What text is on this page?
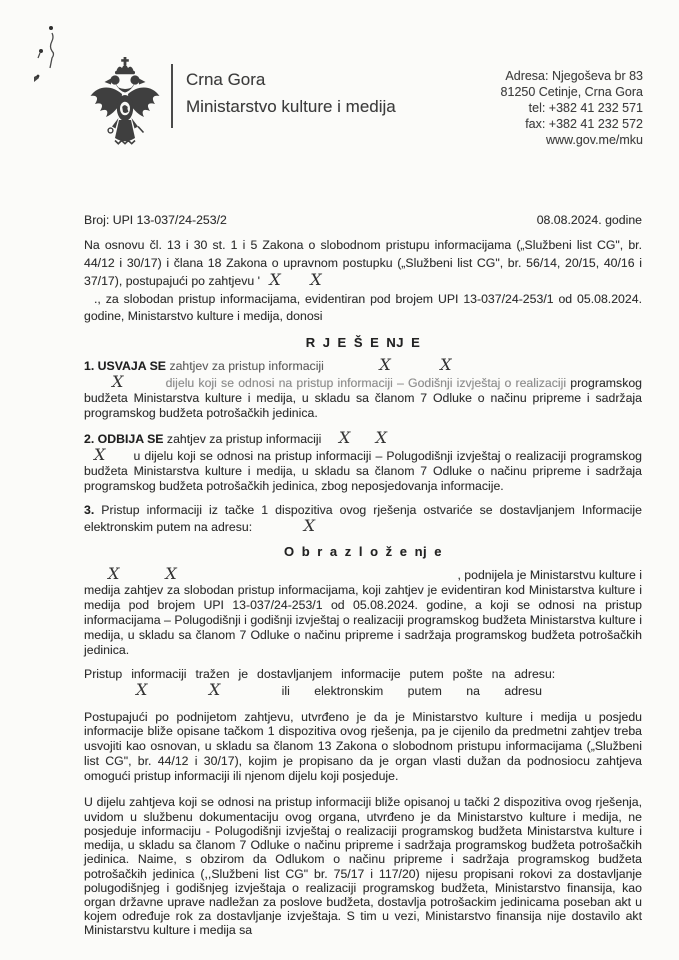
Crna Gora
Ministarstvo kulture i medija
Adresa: Njegoševa br 83
81250 Cetinje, Crna Gora
tel: +382 41 232 571
fax: +382 41 232 572
www.gov.me/mku
Broj: UPI 13-037/24-253/2	08.08.2024. godine

Na osnovu čl. 13 i 30 st. 1 i 5 Zakona o slobodnom pristupu informacijama („Službeni list CG", br. 44/12 i 30/17) i člana 18 Zakona o upravnom postupku („Službeni list CG", br. 56/14, 20/15, 40/16 i 37/17), postupajući po zahtjevu ' X X

., za slobodan pristup informacijama, evidentiran pod brojem UPI 13-037/24-253/1 od 05.08.2024. godine, Ministarstvo kulture i medija, donosi

R J E Š E NJ E

1. USVAJA SE zahtjev za pristup informaciji	X	X
X	dijelu koji se odnosi na pristup informaciji – Godišnji izvještaj o realizaciji programskog budžeta Ministarstva kulture i medija, u skladu sa članom 7 Odluke o načinu pripreme i sadržaja programskog budžeta potrošačkih jedinica.

2. ODBIJA SE zahtjev za pristup informaciji X X
X u dijelu koji se odnosi na pristup informaciji – Polugodišnji izvještaj o realizaciji programskog budžeta Ministarstva kulture i medija, u skladu sa članom 7 Odluke o načinu pripreme i sadržaja programskog budžeta potrošačkih jedinica, zbog neposjedovanja informacije.

3. Pristup informaciji iz tačke 1 dispozitiva ovog rješenja ostvariće se dostavljanjem Informacije elektronskim putem na adresu:	X

O b r a z l o ž e nj e
X	X	, podnijela je Ministarstvu kulture i
medija zahtjev za slobodan pristup informacijama, koji zahtjev je evidentiran kod Ministarstva kulture i medija pod brojem UPI 13-037/24-253/1 od 05.08.2024. godine, a koji se odnosi na pristup informacijama – Polugodišnji i godišnji izvještaj o realizaciji programskog budžeta Ministarstva kulture i medija, u skladu sa članom 7 Odluke o načinu pripreme i sadržaja programskog budžeta potrošačkih jedinica.
Pristup informaciji tražen je dostavljanjem informacije putem pošte na adresu:
X	X	ili elektronskim putem na adresu

Postupajući po podnijetom zahtjevu, utvrđeno je da je Ministarstvo kulture i medija u posjedu informacije bliže opisane tačkom 1 dispozitiva ovog rješenja, pa je cijenilo da predmetni zahtjev treba usvojiti kao osnovan, u skladu sa članom 13 Zakona o slobodnom pristupu informacijama („Službeni list CG", br. 44/12 i 30/17), kojim je propisano da je organ vlasti dužan da podnosiocu zahtjeva omogući pristup informaciji ili njenom dijelu koji posjeduje.

U dijelu zahtjeva koji se odnosi na pristup informaciji bliže opisanoj u tački 2 dispozitiva ovog rješenja, uvidom u službenu dokumentaciju ovog organa, utvrđeno je da Ministarstvo kulture i medija, ne posjeduje informaciju - Polugodišnji izvještaj o realizaciji programskog budžeta Ministarstva kulture i medija, u skladu sa članom 7 Odluke o načinu pripreme i sadržaja programskog budžeta potrošačkih jedinica. Naime, s obzirom da Odlukom o načinu pripreme i sadržaja programskog budžeta potrošačkih jedinica (,,Službeni list CG" br. 75/17 i 117/20) nijesu propisani rokovi za dostavljanje polugodišnjeg i godišnjeg izvještaja o realizaciji programskog budžeta, Ministarstvo finansija, kao organ državne uprave nadležan za poslove budžeta, dostavlja potrošackim jedinicama poseban akt u kojem određuje rok za dostavljanje izvještaja. S tim u vezi, Ministarstvo finansija nije dostavilo akt Ministarstvu kulture i medija sa
